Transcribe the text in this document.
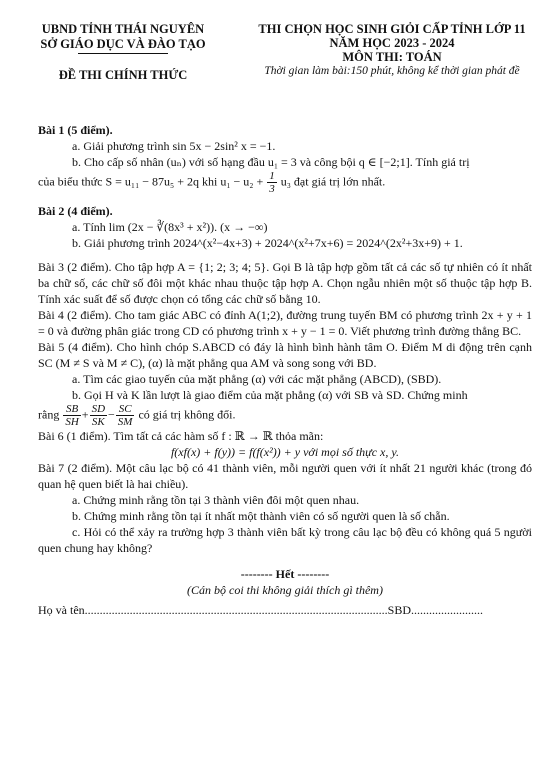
UBND TỈNH THÁI NGUYÊN
SỞ GIÁO DỤC VÀ ĐÀO TẠO
ĐỀ THI CHÍNH THỨC
THI CHỌN HỌC SINH GIỎI CẤP TỈNH LỚP 11
NĂM HỌC 2023 - 2024
MÔN THI: TOÁN
Thời gian làm bài:150 phút, không kể thời gian phát đề

Bài 1 (5 điểm).

a. Giải phương trình sin 5x − 2sin² x = −1.

b. Cho cấp số nhân (uₙ) với số hạng đầu u₁ = 3 và công bội q ∈ [−2;1]. Tính giá trị

của biểu thức S = u₁₁ − 87u₅ + 2q khi $u_1 - u_2 + \frac{1}{3} u_3$ đạt giá trị lớn nhất.

Bài 2 (4 điểm).

a. Tính lim (2x − ∛(8x³ + x²)). (x → −∞)

b. Giải phương trình 2024^(x²−4x+3) + 2024^(x²+7x+6) = 2024^(2x²+3x+9) + 1.

Bài 3 (2 điểm). Cho tập hợp A = {1; 2; 3; 4; 5}. Gọi B là tập hợp gồm tất cả các số tự nhiên có ít nhất ba chữ số, các chữ số đôi một khác nhau thuộc tập hợp A. Chọn ngẫu nhiên một số thuộc tập hợp B. Tính xác suất để số được chọn có tổng các chữ số bằng 10.

Bài 4 (2 điểm). Cho tam giác ABC có đỉnh A(1;2), đường trung tuyến BM có phương trình 2x + y + 1 = 0 và đường phân giác trong CD có phương trình x + y − 1 = 0. Viết phương trình đường thẳng BC.

Bài 5 (4 điểm). Cho hình chóp S.ABCD có đáy là hình bình hành tâm O. Điểm M di động trên cạnh SC (M ≠ S và M ≠ C), (α) là mặt phẳng qua AM và song song với BD.

a. Tìm các giao tuyến của mặt phẳng (α) với các mặt phẳng (ABCD), (SBD).

b. Gọi H và K lần lượt là giao điểm của mặt phẳng (α) với SB và SD. Chứng minh

rằng $\frac{SB}{SH} + \frac{SD}{SK} - \frac{SC}{SM}$ có giá trị không đổi.

Bài 6 (1 điểm). Tìm tất cả các hàm số f : ℝ → ℝ thỏa mãn:

f(xf(x) + f(y)) = f(f(x²)) + y với mọi số thực x, y.

Bài 7 (2 điểm). Một câu lạc bộ có 41 thành viên, mỗi người quen với ít nhất 21 người khác (trong đó quan hệ quen biết là hai chiều).

a. Chứng minh rằng tồn tại 3 thành viên đôi một quen nhau.

b. Chứng minh rằng tồn tại ít nhất một thành viên có số người quen là số chẵn.

c. Hỏi có thể xảy ra trường hợp 3 thành viên bất kỳ trong câu lạc bộ đều có không quá 5 người quen chung hay không?

-------- Hết --------
(Cán bộ coi thi không giải thích gì thêm)
Họ và tên.....................................................................................................SBD........................
